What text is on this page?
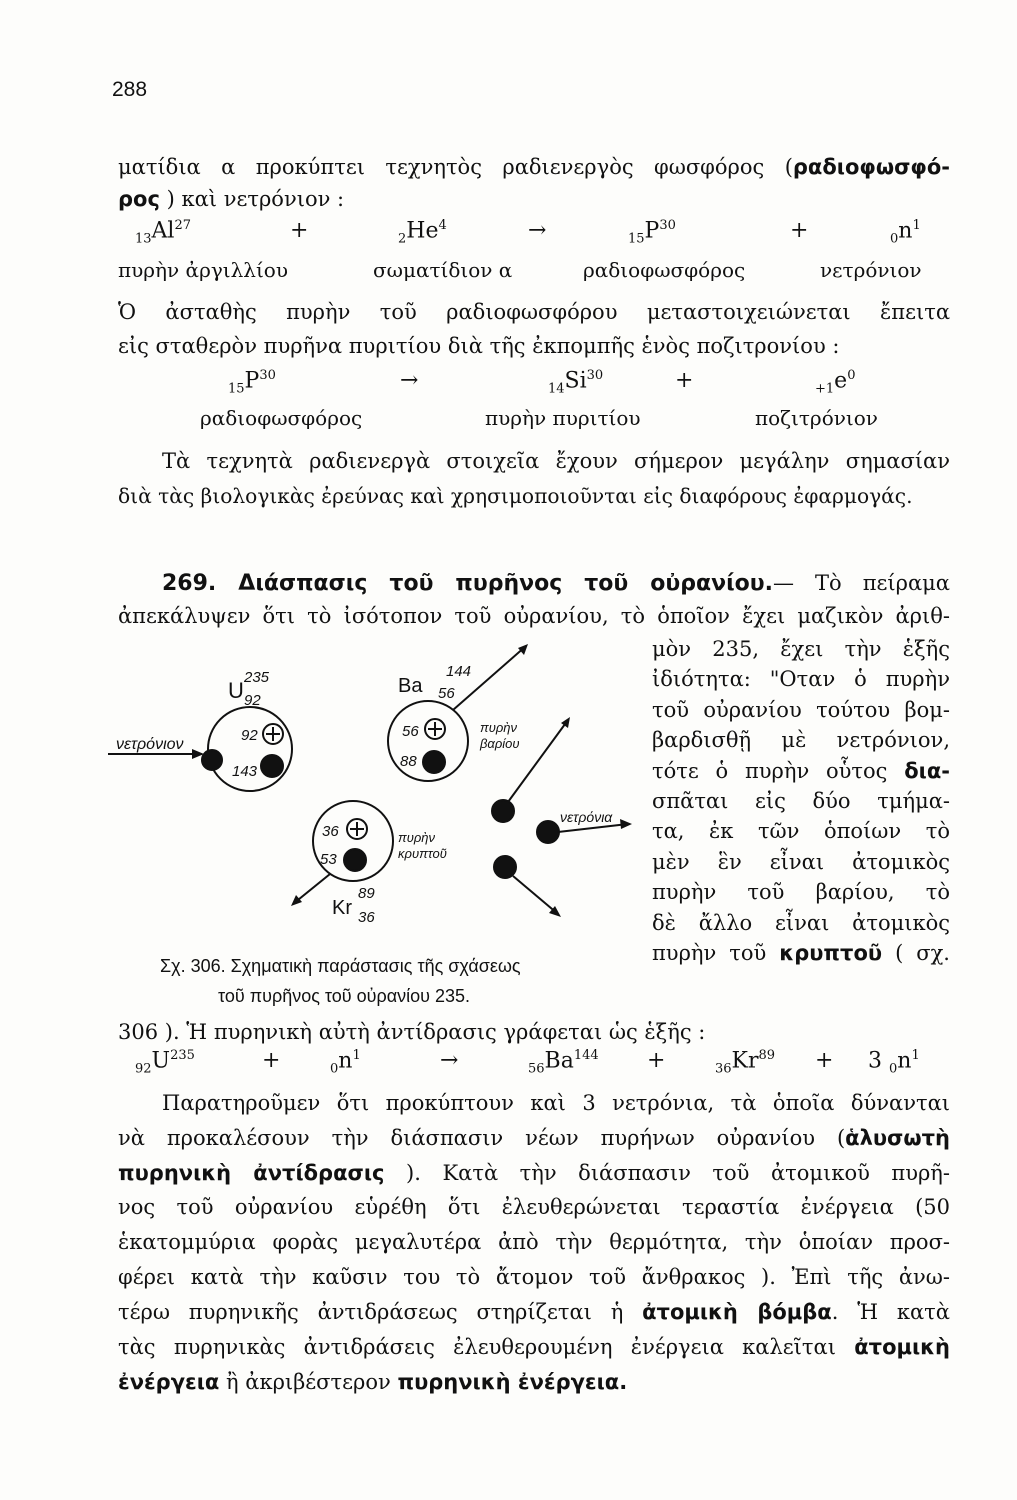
288
ματίδια α προκύπτει τεχνητὸς ραδιενεργὸς φωσφόρος (ραδιοφωσφό-
ρος ) καὶ νετρόνιον :
$_{13}Al^{27}$	+	$_2He^4$	→	$_{15}P^{30}$	+	$_0n^1$
πυρὴν ἀργιλλίου	σωματίδιον α	ραδιοφωσφόρος	νετρόνιον
Ὁ ἀσταθὴς πυρὴν τοῦ ραδιοφωσφόρου μεταστοιχειώνεται ἔπειτα
εἰς σταθερὸν πυρῆνα πυριτίου διὰ τῆς ἐκπομπῆς ἑνὸς ποζιτρονίου :
$_{15}P^{30}$	→	$_{14}Si^{30}$	+	$_{+1}e^0$
ραδιοφωσφόρος	πυρὴν πυριτίου	ποζιτρόνιον
Τὰ τεχνητὰ ραδιενεργὰ στοιχεῖα ἔχουν σήμερον μεγάλην σημασίαν
διὰ τὰς βιολογικὰς ἐρεύνας καὶ χρησιμοποιοῦνται εἰς διαφόρους ἐφαρμογάς.
269. Διάσπασις τοῦ πυρῆνος τοῦ οὐρανίου.— Τὸ πείραμα
ἀπεκάλυψεν ὅτι τὸ ἰσότοπον τοῦ οὐρανίου, τὸ ὁποῖον ἔχει μαζικὸν ἀριθ-
μὸν 235, ἔχει τὴν ἑξῆς
ἰδιότητα: "Οταν ὁ πυρὴν
τοῦ οὐρανίου τούτου βομ-
βαρδισθῇ μὲ νετρόνιον,
τότε ὁ πυρὴν οὗτος δια-
σπᾶται εἰς δύο τμήμα-
τα, ἐκ τῶν ὁποίων τὸ
μὲν ἓν εἶναι ἀτομικὸς
πυρὴν τοῦ βαρίου, τὸ
δὲ ἄλλο εἶναι ἀτομικὸς
πυρὴν τοῦ κρυπτοῦ ( σχ.
U
235
92
νετρόνιον
92
143
Ba
144
56
56
88
πυρὴν
βαρίου
36
53
πυρὴν
κρυπτοῦ
Kr
89
36
νετρόνια
Σχ. 306. Σχηματικὴ παράστασις τῆς σχάσεως
τοῦ πυρῆνος τοῦ οὐρανίου 235.
306 ). Ἡ πυρηνικὴ αὐτὴ ἀντίδρασις γράφεται ὡς ἑξῆς :
$_{92}U^{235}$	+	$_0n^1$	→	$_{56}Ba^{144}$ +	$_{36}Kr^{89} + 3$ $_0n^1$
Παρατηροῦμεν ὅτι προκύπτουν καὶ 3 νετρόνια, τὰ ὁποῖα δύνανται
νὰ προκαλέσουν τὴν διάσπασιν νέων πυρήνων οὐρανίου (ἁλυσωτὴ
πυρηνικὴ ἀντίδρασις ). Κατὰ τὴν διάσπασιν τοῦ ἀτομικοῦ πυρῆ-
νος τοῦ οὐρανίου εὑρέθη ὅτι ἐλευθερώνεται τεραστία ἐνέργεια (50
ἑκατομμύρια φορὰς μεγαλυτέρα ἀπὸ τὴν θερμότητα, τὴν ὁποίαν προσ-
φέρει κατὰ τὴν καῦσιν του τὸ ἄτομον τοῦ ἄνθρακος ). Ἐπὶ τῆς ἀνω-
τέρω πυρηνικῆς ἀντιδράσεως στηρίζεται ἡ ἀτομικὴ βόμβα. Ἡ κατὰ
τὰς πυρηνικὰς ἀντιδράσεις ἐλευθερουμένη ἐνέργεια καλεῖται ἀτομικὴ
ἐνέργεια ἢ ἀκριβέστερον πυρηνικὴ ἐνέργεια.
